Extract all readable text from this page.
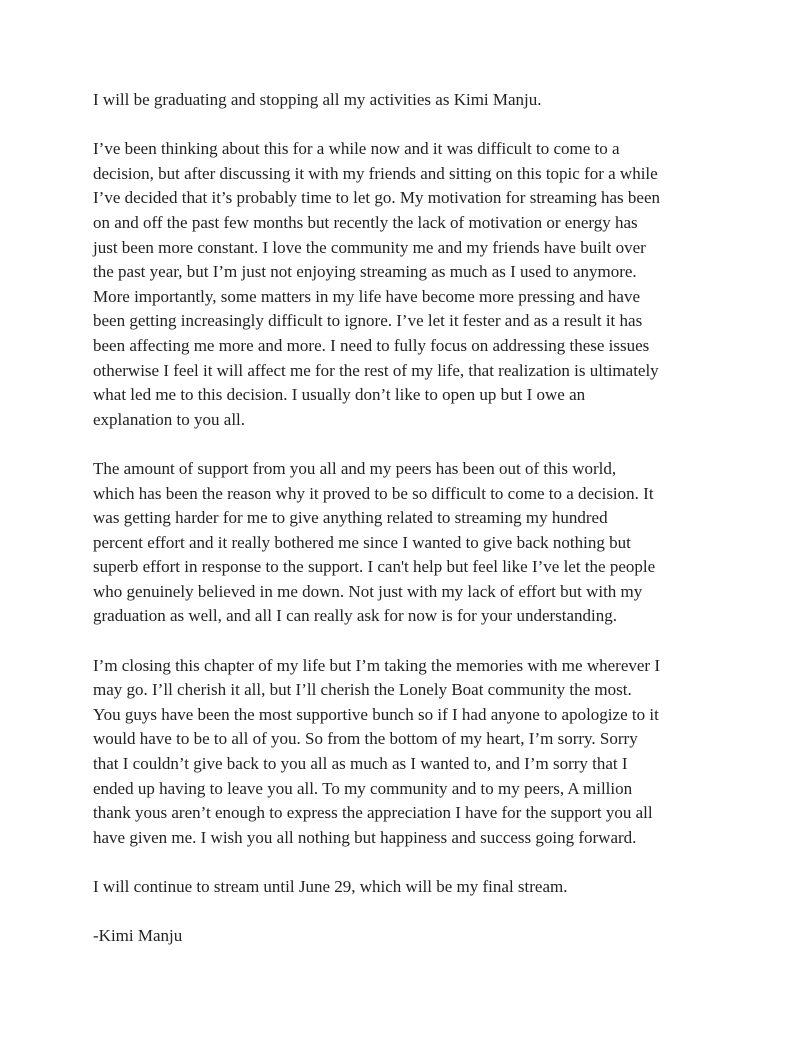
I will be graduating and stopping all my activities as Kimi Manju.

I’ve been thinking about this for a while now and it was difficult to come to a
decision, but after discussing it with my friends and sitting on this topic for a while
I’ve decided that it’s probably time to let go. My motivation for streaming has been
on and off the past few months but recently the lack of motivation or energy has
just been more constant. I love the community me and my friends have built over
the past year, but I’m just not enjoying streaming as much as I used to anymore.
More importantly, some matters in my life have become more pressing and have
been getting increasingly difficult to ignore. I’ve let it fester and as a result it has
been affecting me more and more. I need to fully focus on addressing these issues
otherwise I feel it will affect me for the rest of my life, that realization is ultimately
what led me to this decision. I usually don’t like to open up but I owe an
explanation to you all.

The amount of support from you all and my peers has been out of this world,
which has been the reason why it proved to be so difficult to come to a decision. It
was getting harder for me to give anything related to streaming my hundred
percent effort and it really bothered me since I wanted to give back nothing but
superb effort in response to the support. I can't help but feel like I’ve let the people
who genuinely believed in me down. Not just with my lack of effort but with my
graduation as well, and all I can really ask for now is for your understanding.

I’m closing this chapter of my life but I’m taking the memories with me wherever I
may go. I’ll cherish it all, but I’ll cherish the Lonely Boat community the most.
You guys have been the most supportive bunch so if I had anyone to apologize to it
would have to be to all of you. So from the bottom of my heart, I’m sorry. Sorry
that I couldn’t give back to you all as much as I wanted to, and I’m sorry that I
ended up having to leave you all. To my community and to my peers, A million
thank yous aren’t enough to express the appreciation I have for the support you all
have given me. I wish you all nothing but happiness and success going forward.

I will continue to stream until June 29, which will be my final stream.

-Kimi Manju
